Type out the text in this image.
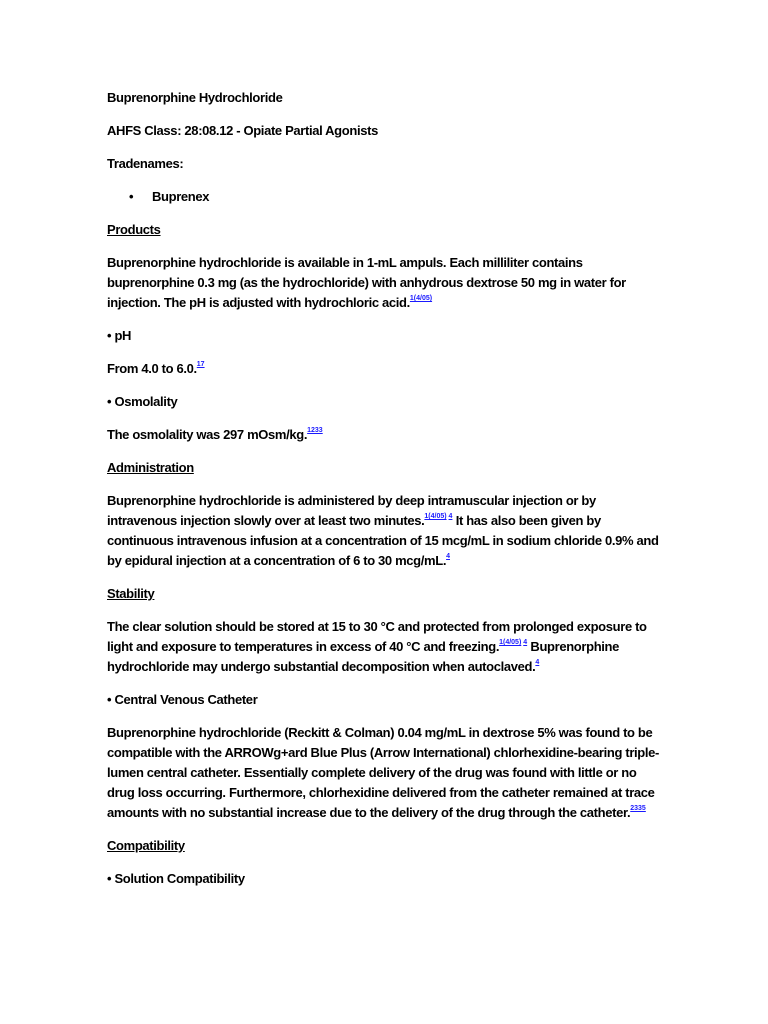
Buprenorphine Hydrochloride

AHFS Class: 28:08.12 - Opiate Partial Agonists

Tradenames:

• Buprenex

Products

Buprenorphine hydrochloride is available in 1-mL ampuls. Each milliliter contains buprenorphine 0.3 mg (as the hydrochloride) with anhydrous dextrose 50 mg in water for injection. The pH is adjusted with hydrochloric acid.$^{1(4/05)}$

• pH

From 4.0 to 6.0.17

• Osmolality

The osmolality was 297 mOsm/kg.$^{1233}$

Administration

Buprenorphine hydrochloride is administered by deep intramuscular injection or by intravenous injection slowly over at least two minutes.$^{1(4/05) 4}$ It has also been given by continuous intravenous infusion at a concentration of 15 mcg/mL in sodium chloride 0.9% and by epidural injection at a concentration of 6 to 30 mcg/mL.$^4$

Stability

The clear solution should be stored at 15 to 30 °C and protected from prolonged exposure to light and exposure to temperatures in excess of 40 °C and freezing.$^{1(4/05) 4}$ Buprenorphine hydrochloride may undergo substantial decomposition when autoclaved.$^4$

• Central Venous Catheter

Buprenorphine hydrochloride (Reckitt & Colman) 0.04 mg/mL in dextrose 5% was found to be compatible with the ARROWg+ard Blue Plus (Arrow International) chlorhexidine-bearing triple-lumen central catheter. Essentially complete delivery of the drug was found with little or no drug loss occurring. Furthermore, chlorhexidine delivered from the catheter remained at trace amounts with no substantial increase due to the delivery of the drug through the catheter.$^{2335}$

Compatibility

• Solution Compatibility
